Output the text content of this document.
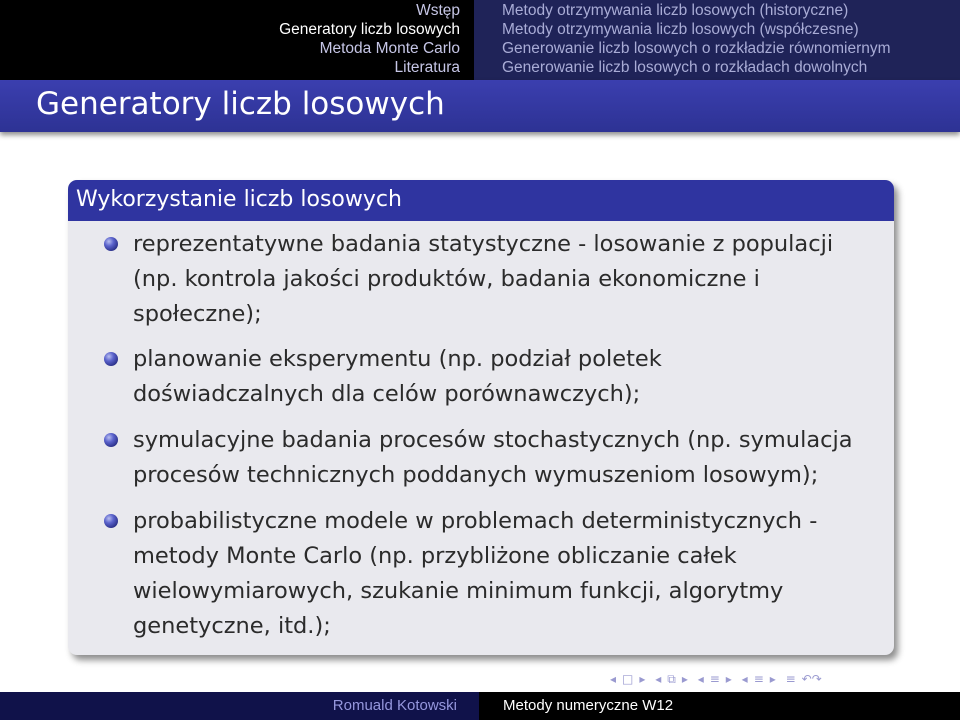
Wstęp
Generatory liczb losowych
Metoda Monte Carlo
Literatura
Metody otrzymywania liczb losowych (historyczne)
Metody otrzymywania liczb losowych (współczesne)
Generowanie liczb losowych o rozkładzie równomiernym
Generowanie liczb losowych o rozkładach dowolnych
Generatory liczb losowych
Wykorzystanie liczb losowych
reprezentatywne badania statystyczne - losowanie z populacji
(np. kontrola jakości produktów, badania ekonomiczne i
społeczne);
planowanie eksperymentu (np. podział poletek
doświadczalnych dla celów porównawczych);
symulacyjne badania procesów stochastycznych (np. symulacja
procesów technicznych poddanych wymuszeniom losowym);
probabilistyczne modele w problemach deterministycznych -
metody Monte Carlo (np. przybliżone obliczanie całek
wielowymiarowych, szukanie minimum funkcji, algorytmy
genetyczne, itd.);
◂ □ ▸ ◂ ⧉ ▸ ◂ ≡ ▸ ◂ ≡ ▸ ≡ ↶↷
Romuald Kotowski	Metody numeryczne W12
